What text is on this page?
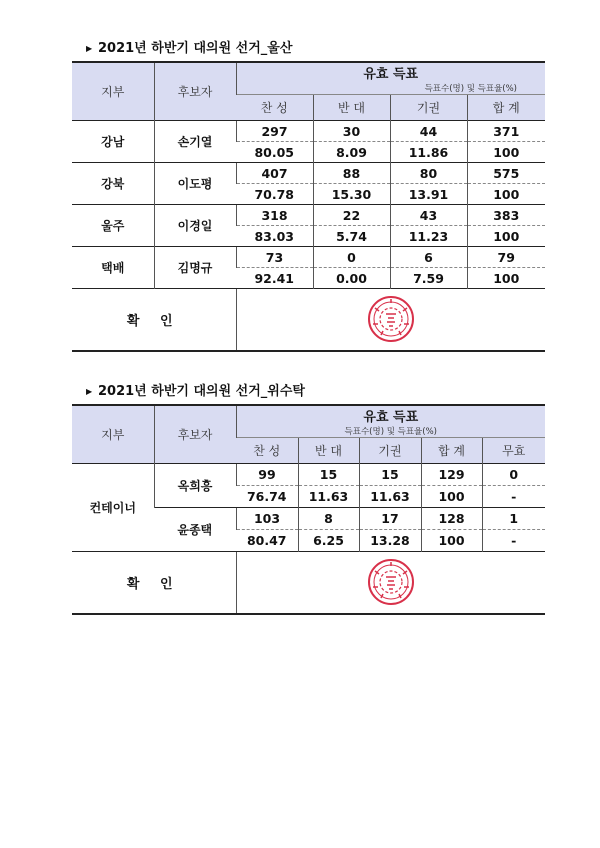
▶ 2021년 하반기 대의원 선거_울산
지부	후보자	유효 득표
득표수(명) 및 득표율(%)			

		찬 성	반 대	기권	합 계
강남	손기열	297	30	44	371
		80.05	8.09	11.86	100
강북	이도평	407	88	80	575
		70.78	15.30	13.91	100
울주	이경일	318	22	43	383
		83.03	5.74	11.23	100
택배	김명규	73	0	6	79
		92.41	0.00	7.59	100
확 인	
▶ 2021년 하반기 대의원 선거_위수탁
지부	후보자	유효 득표
득표수(명) 및 득표율(%)				

		찬 성	반 대	기권	합 계	무효
컨테이너	옥희흥	99	15	15	129	0
		76.74	11.63	11.63	100	-
	윤종택	103	8	17	128	1
		80.47	6.25	13.28	100	-
확 인	
